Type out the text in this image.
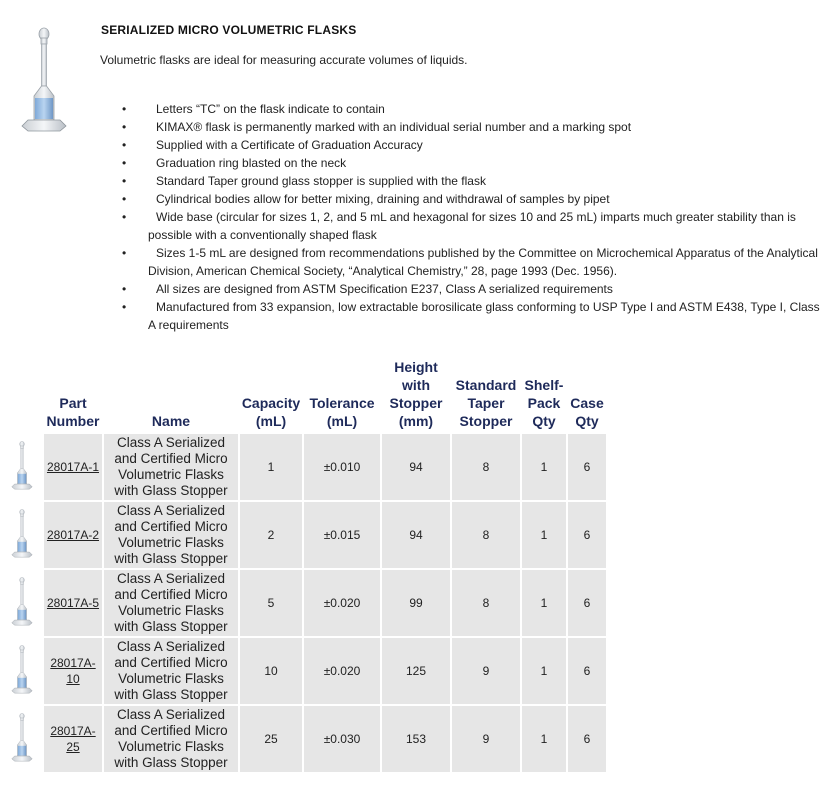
SERIALIZED MICRO VOLUMETRIC FLASKS
Volumetric flasks are ideal for measuring accurate volumes of liquids.
• Letters “TC” on the flask indicate to contain
• KIMAX® flask is permanently marked with an individual serial number and a marking spot
• Supplied with a Certificate of Graduation Accuracy
• Graduation ring blasted on the neck
• Standard Taper ground glass stopper is supplied with the flask
• Cylindrical bodies allow for better mixing, draining and withdrawal of samples by pipet
• Wide base (circular for sizes 1, 2, and 5 mL and hexagonal for sizes 10 and 25 mL) imparts much greater stability than is possible with a conventionally shaped flask
• Sizes 1-5 mL are designed from recommendations published by the Committee on Microchemical Apparatus of the Analytical Division, American Chemical Society, “Analytical Chemistry,” 28, page 1993 (Dec. 1956).
• All sizes are designed from ASTM Specification E237, Class A serialized requirements
• Manufactured from 33 expansion, low extractable borosilicate glass conforming to USP Type I and ASTM E438, Type I, Class A requirements
	Part Number	Name	Capacity (mL)	Tolerance (mL)	Height with Stopper (mm)	Standard Taper Stopper	Shelf-Pack Qty	Case Qty
	28017A-1	Class A Serialized and Certified Micro Volumetric Flasks with Glass Stopper	1	±0.010	94	8	1	6
	28017A-2	Class A Serialized and Certified Micro Volumetric Flasks with Glass Stopper	2	±0.015	94	8	1	6
	28017A-5	Class A Serialized and Certified Micro Volumetric Flasks with Glass Stopper	5	±0.020	99	8	1	6
	28017A-10	Class A Serialized and Certified Micro Volumetric Flasks with Glass Stopper	10	±0.020	125	9	1	6
	28017A-25	Class A Serialized and Certified Micro Volumetric Flasks with Glass Stopper	25	±0.030	153	9	1	6
